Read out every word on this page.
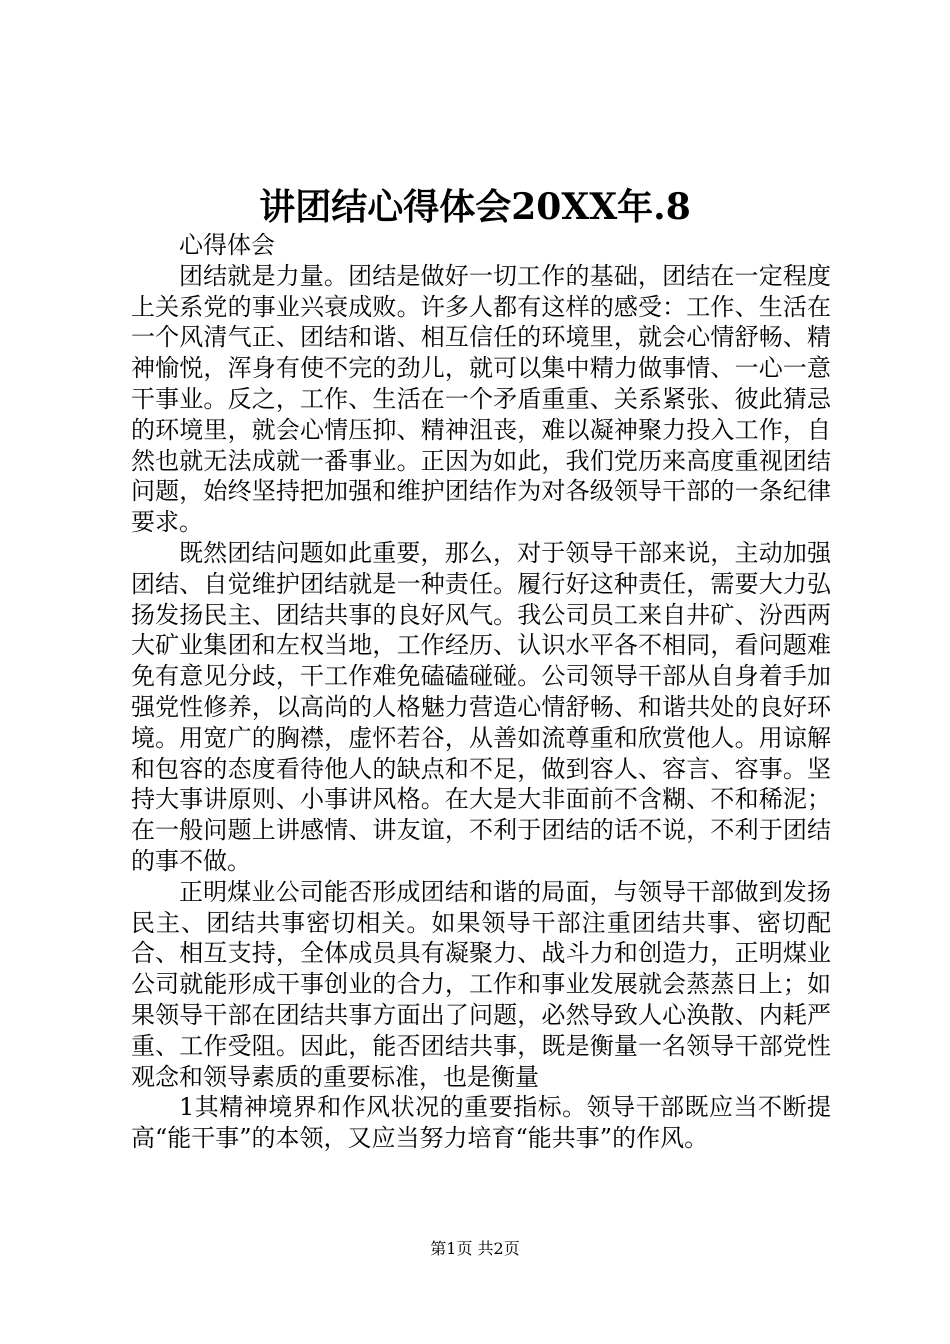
讲团结心得体会20XX年.8

心得体会

团结就是力量。团结是做好一切工作的基础，团结在一定程度上关系党的事业兴衰成败。许多人都有这样的感受：工作、生活在一个风清气正、团结和谐、相互信任的环境里，就会心情舒畅、精神愉悦，浑身有使不完的劲儿，就可以集中精力做事情、一心一意干事业。反之，工作、生活在一个矛盾重重、关系紧张、彼此猜忌的环境里，就会心情压抑、精神沮丧，难以凝神聚力投入工作，自然也就无法成就一番事业。正因为如此，我们党历来高度重视团结问题，始终坚持把加强和维护团结作为对各级领导干部的一条纪律要求。

既然团结问题如此重要，那么，对于领导干部来说，主动加强团结、自觉维护团结就是一种责任。履行好这种责任，需要大力弘扬发扬民主、团结共事的良好风气。我公司员工来自井矿、汾西两大矿业集团和左权当地，工作经历、认识水平各不相同，看问题难免有意见分歧，干工作难免磕磕碰碰。公司领导干部从自身着手加强党性修养，以高尚的人格魅力营造心情舒畅、和谐共处的良好环境。用宽广的胸襟，虚怀若谷，从善如流尊重和欣赏他人。用谅解和包容的态度看待他人的缺点和不足，做到容人、容言、容事。坚持大事讲原则、小事讲风格。在大是大非面前不含糊、不和稀泥；在一般问题上讲感情、讲友谊，不利于团结的话不说，不利于团结的事不做。

正明煤业公司能否形成团结和谐的局面，与领导干部做到发扬民主、团结共事密切相关。如果领导干部注重团结共事、密切配合、相互支持，全体成员具有凝聚力、战斗力和创造力，正明煤业公司就能形成干事创业的合力，工作和事业发展就会蒸蒸日上；如果领导干部在团结共事方面出了问题，必然导致人心涣散、内耗严重、工作受阻。因此，能否团结共事，既是衡量一名领导干部党性观念和领导素质的重要标准，也是衡量

1其精神境界和作风状况的重要指标。领导干部既应当不断提高“能干事”的本领，又应当努力培育“能共事”的作风。

第1页 共2页
